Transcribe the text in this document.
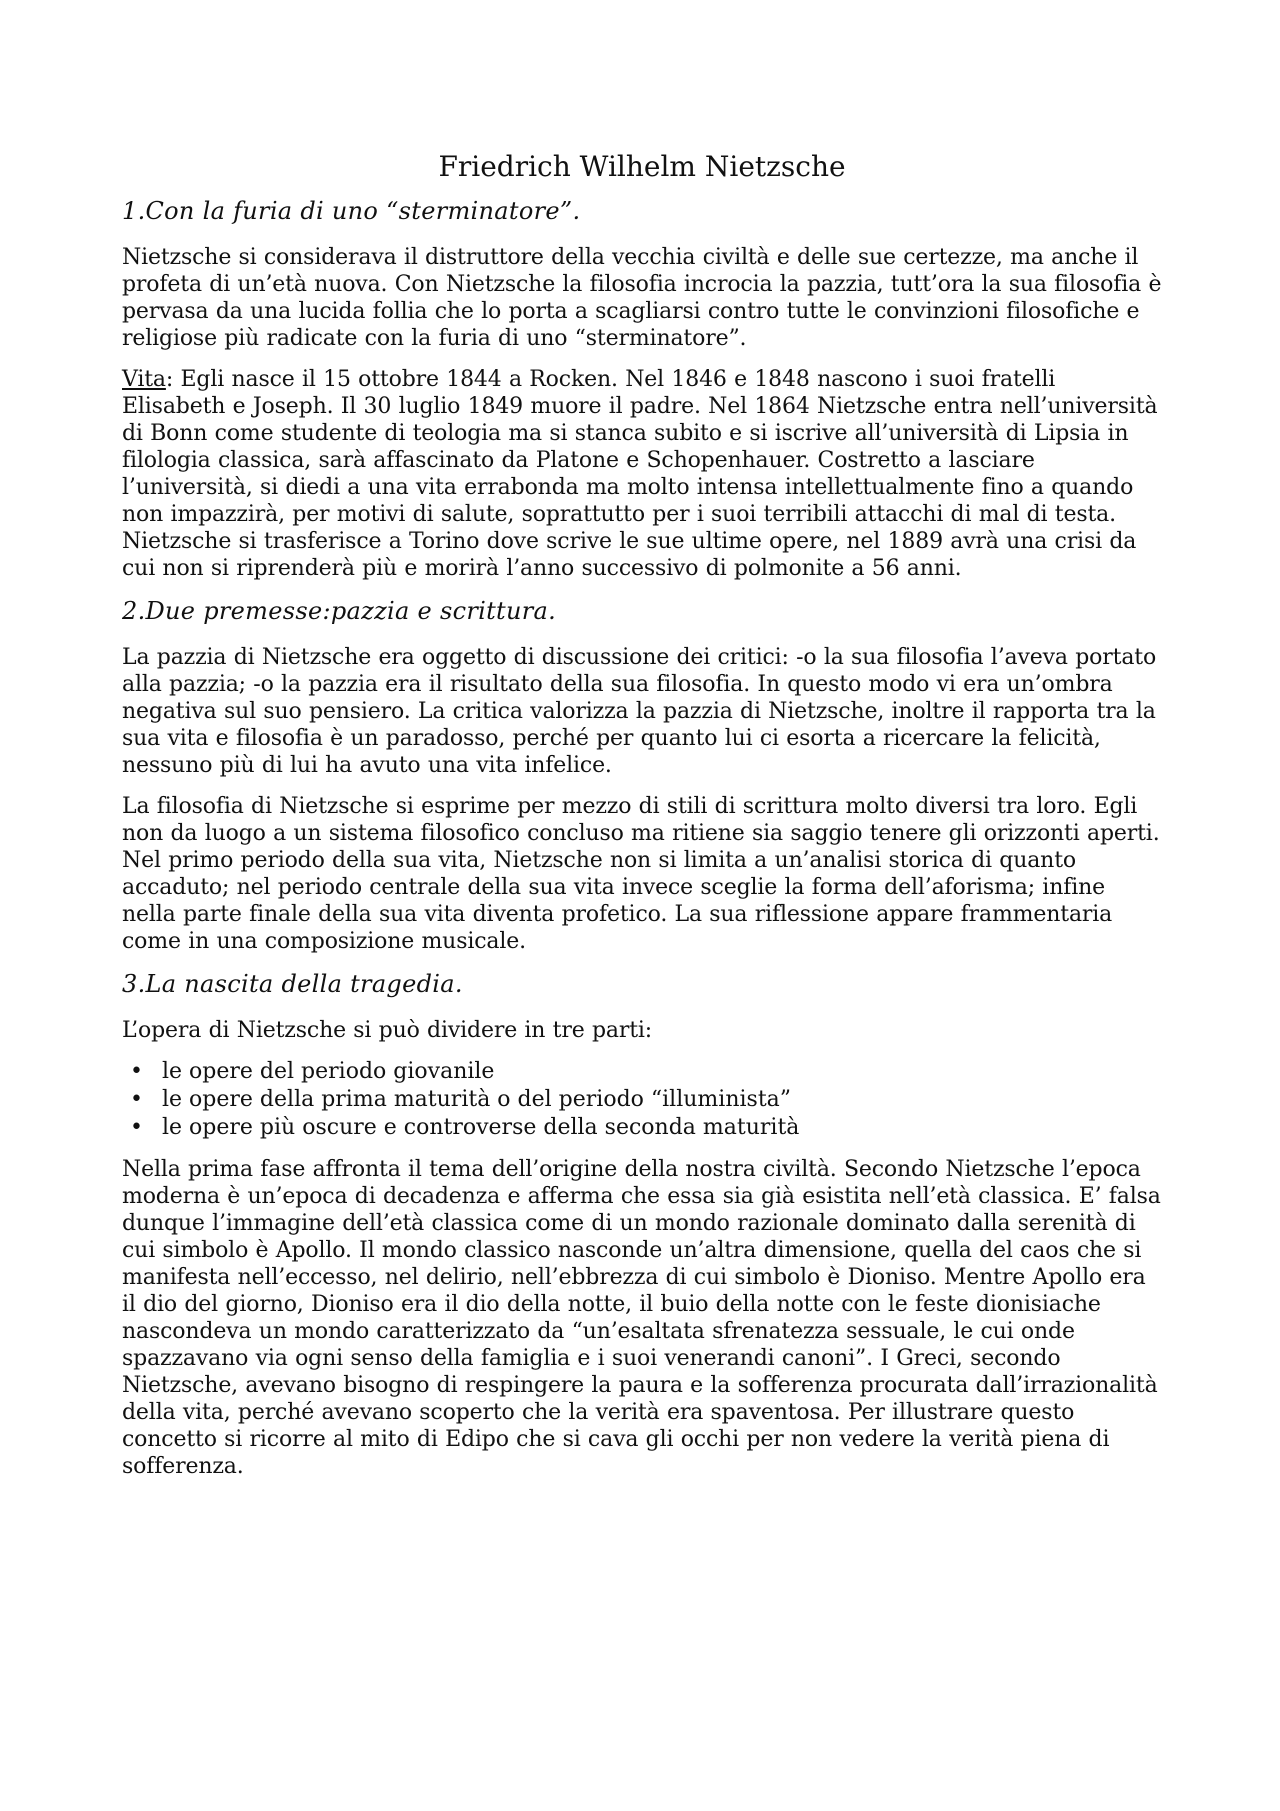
Friedrich Wilhelm Nietzsche
1.Con la furia di uno “sterminatore”.

Nietzsche si considerava il distruttore della vecchia civiltà e delle sue certezze, ma anche il profeta di un’età nuova. Con Nietzsche la filosofia incrocia la pazzia, tutt’ora la sua filosofia è pervasa da una lucida follia che lo porta a scagliarsi contro tutte le convinzioni filosofiche e religiose più radicate con la furia di uno “sterminatore”.

Vita: Egli nasce il 15 ottobre 1844 a Rocken. Nel 1846 e 1848 nascono i suoi fratelli Elisabeth e Joseph. Il 30 luglio 1849 muore il padre. Nel 1864 Nietzsche entra nell’università di Bonn come studente di teologia ma si stanca subito e si iscrive all’università di Lipsia in filologia classica, sarà affascinato da Platone e Schopenhauer. Costretto a lasciare l’università, si diedi a una vita errabonda ma molto intensa intellettualmente fino a quando non impazzirà, per motivi di salute, soprattutto per i suoi terribili attacchi di mal di testa. Nietzsche si trasferisce a Torino dove scrive le sue ultime opere, nel 1889 avrà una crisi da cui non si riprenderà più e morirà l’anno successivo di polmonite a 56 anni.

2.Due premesse:pazzia e scrittura.

La pazzia di Nietzsche era oggetto di discussione dei critici: -o la sua filosofia l’aveva portato alla pazzia; -o la pazzia era il risultato della sua filosofia. In questo modo vi era un’ombra negativa sul suo pensiero. La critica valorizza la pazzia di Nietzsche, inoltre il rapporta tra la sua vita e filosofia è un paradosso, perché per quanto lui ci esorta a ricercare la felicità, nessuno più di lui ha avuto una vita infelice.

La filosofia di Nietzsche si esprime per mezzo di stili di scrittura molto diversi tra loro. Egli non da luogo a un sistema filosofico concluso ma ritiene sia saggio tenere gli orizzonti aperti. Nel primo periodo della sua vita, Nietzsche non si limita a un’analisi storica di quanto accaduto; nel periodo centrale della sua vita invece sceglie la forma dell’aforisma; infine nella parte finale della sua vita diventa profetico. La sua riflessione appare frammentaria come in una composizione musicale.

3.La nascita della tragedia.

L’opera di Nietzsche si può dividere in tre parti:

• le opere del periodo giovanile
• le opere della prima maturità o del periodo “illuminista”
• le opere più oscure e controverse della seconda maturità

Nella prima fase affronta il tema dell’origine della nostra civiltà. Secondo Nietzsche l’epoca moderna è un’epoca di decadenza e afferma che essa sia già esistita nell’età classica. E’ falsa dunque l’immagine dell’età classica come di un mondo razionale dominato dalla serenità di cui simbolo è Apollo. Il mondo classico nasconde un’altra dimensione, quella del caos che si manifesta nell’eccesso, nel delirio, nell’ebbrezza di cui simbolo è Dioniso. Mentre Apollo era il dio del giorno, Dioniso era il dio della notte, il buio della notte con le feste dionisiache nascondeva un mondo caratterizzato da “un’esaltata sfrenatezza sessuale, le cui onde spazzavano via ogni senso della famiglia e i suoi venerandi canoni”. I Greci, secondo Nietzsche, avevano bisogno di respingere la paura e la sofferenza procurata dall’irrazionalità della vita, perché avevano scoperto che la verità era spaventosa. Per illustrare questo concetto si ricorre al mito di Edipo che si cava gli occhi per non vedere la verità piena di sofferenza.
